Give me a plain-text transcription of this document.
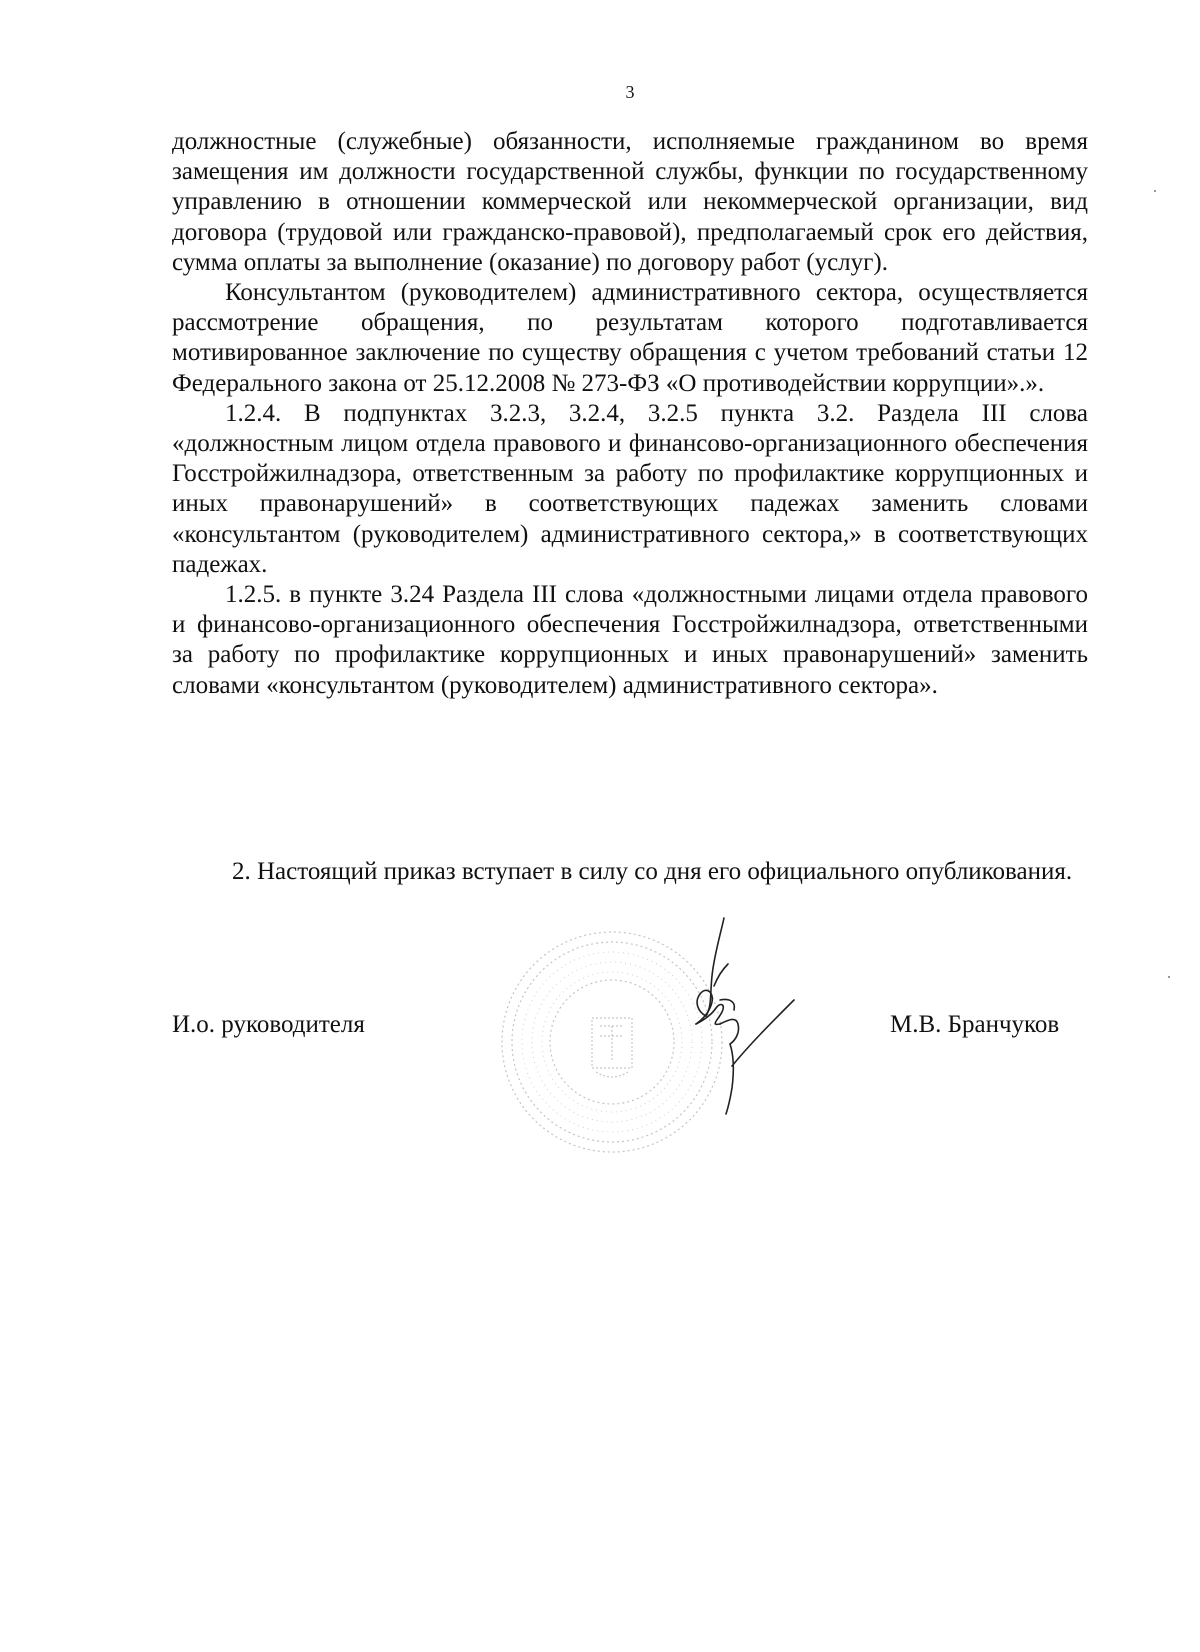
3

должностные (служебные) обязанности, исполняемые гражданином во время замещения им должности государственной службы, функции по государственному управлению в отношении коммерческой или некоммерческой организации, вид договора (трудовой или гражданско-правовой), предполагаемый срок его действия, сумма оплаты за выполнение (оказание) по договору работ (услуг).

Консультантом (руководителем) административного сектора, осуществляется рассмотрение обращения, по результатам которого подготавливается мотивированное заключение по существу обращения с учетом требований статьи 12 Федерального закона от 25.12.2008 № 273-ФЗ «О противодействии коррупции».».

1.2.4. В подпунктах 3.2.3, 3.2.4, 3.2.5 пункта 3.2. Раздела III слова «должностным лицом отдела правового и финансово-организационного обеспечения Госстройжилнадзора, ответственным за работу по профилактике коррупционных и иных правонарушений» в соответствующих падежах заменить словами «консультантом (руководителем) административного сектора,» в соответствующих падежах.

1.2.5. в пункте 3.24 Раздела III слова «должностными лицами отдела правового и финансово-организационного обеспечения Госстройжилнадзора, ответственными за работу по профилактике коррупционных и иных правонарушений» заменить словами «консультантом (руководителем) административного сектора».

2. Настоящий приказ вступает в силу со дня его официального опубликования.

И.о. руководителя	М.В. Бранчуков
